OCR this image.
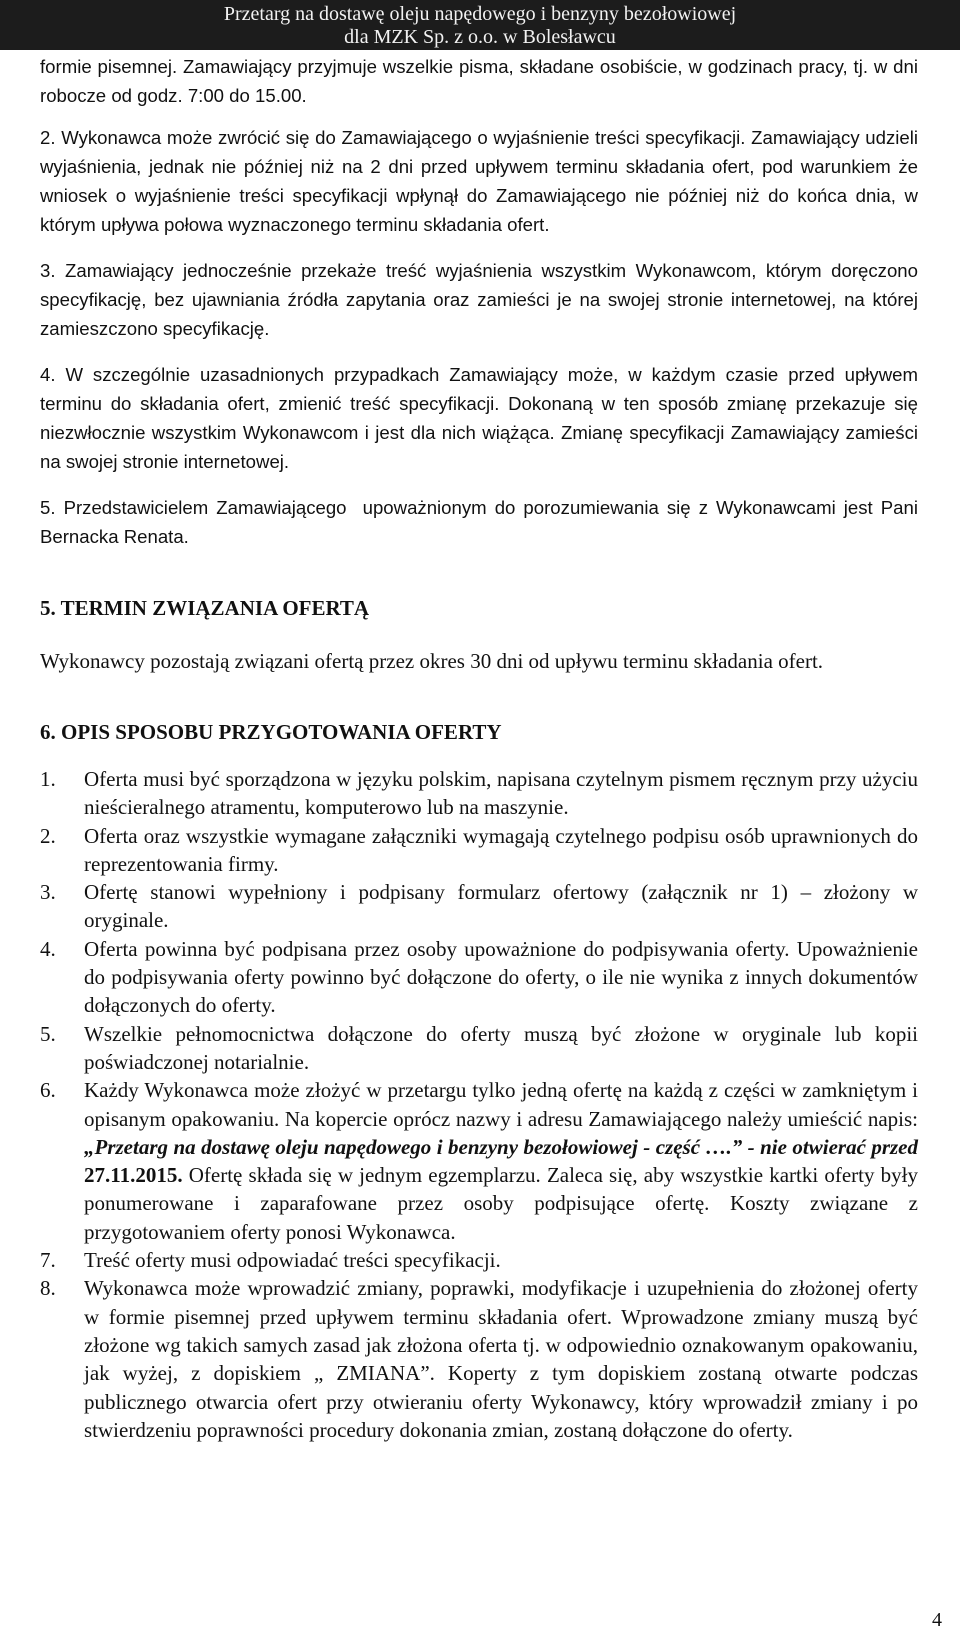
Przetarg na dostawę oleju napędowego i benzyny bezołowiowej
dla MZK Sp. z o.o. w Bolesławcu

formie pisemnej. Zamawiający przyjmuje wszelkie pisma, składane osobiście, w godzinach pracy, tj. w dni robocze od godz. 7:00 do 15.00.

2. Wykonawca może zwrócić się do Zamawiającego o wyjaśnienie treści specyfikacji. Zamawiający udzieli wyjaśnienia, jednak nie później niż na 2 dni przed upływem terminu składania ofert, pod warunkiem że wniosek o wyjaśnienie treści specyfikacji wpłynął do Zamawiającego nie później niż do końca dnia, w którym upływa połowa wyznaczonego terminu składania ofert.

3. Zamawiający jednocześnie przekaże treść wyjaśnienia wszystkim Wykonawcom, którym doręczono specyfikację, bez ujawniania źródła zapytania oraz zamieści je na swojej stronie internetowej, na której zamieszczono specyfikację.

4. W szczególnie uzasadnionych przypadkach Zamawiający może, w każdym czasie przed upływem terminu do składania ofert, zmienić treść specyfikacji. Dokonaną w ten sposób zmianę przekazuje się niezwłocznie wszystkim Wykonawcom i jest dla nich wiążąca. Zmianę specyfikacji Zamawiający zamieści na swojej stronie internetowej.

5. Przedstawicielem Zamawiającego  upoważnionym do porozumiewania się z Wykonawcami jest Pani Bernacka Renata.

5. TERMIN ZWIĄZANIA OFERTĄ

Wykonawcy pozostają związani ofertą przez okres 30 dni od upływu terminu składania ofert.

6. OPIS SPOSOBU PRZYGOTOWANIA OFERTY
1. Oferta musi być sporządzona w języku polskim, napisana czytelnym pismem ręcznym przy użyciu nieścieralnego atramentu, komputerowo lub na maszynie.
2. Oferta oraz wszystkie wymagane załączniki wymagają czytelnego podpisu osób uprawnionych do reprezentowania firmy.
3. Ofertę stanowi wypełniony i podpisany formularz ofertowy (załącznik nr 1) – złożony w oryginale.
4. Oferta powinna być podpisana przez osoby upoważnione do podpisywania oferty. Upoważnienie do podpisywania oferty powinno być dołączone do oferty, o ile nie wynika z innych dokumentów dołączonych do oferty.
5. Wszelkie pełnomocnictwa dołączone do oferty muszą być złożone w oryginale lub kopii poświadczonej notarialnie.
6. Każdy Wykonawca może złożyć w przetargu tylko jedną ofertę na każdą z części w zamkniętym i opisanym opakowaniu. Na kopercie oprócz nazwy i adresu Zamawiającego należy umieścić napis: „Przetarg na dostawę oleju napędowego i benzyny bezołowiowej - część ….” - nie otwierać przed 27.11.2015. Ofertę składa się w jednym egzemplarzu. Zaleca się, aby wszystkie kartki oferty były ponumerowane i zaparafowane przez osoby podpisujące ofertę. Koszty związane z przygotowaniem oferty ponosi Wykonawca.
7. Treść oferty musi odpowiadać treści specyfikacji.
8. Wykonawca może wprowadzić zmiany, poprawki, modyfikacje i uzupełnienia do złożonej oferty w formie pisemnej przed upływem terminu składania ofert. Wprowadzone zmiany muszą być złożone wg takich samych zasad jak złożona oferta tj. w odpowiednio oznakowanym opakowaniu, jak wyżej, z dopiskiem „ ZMIANA”. Koperty z tym dopiskiem zostaną otwarte podczas publicznego otwarcia ofert przy otwieraniu oferty Wykonawcy, który wprowadził zmiany i po stwierdzeniu poprawności procedury dokonania zmian, zostaną dołączone do oferty.
4
